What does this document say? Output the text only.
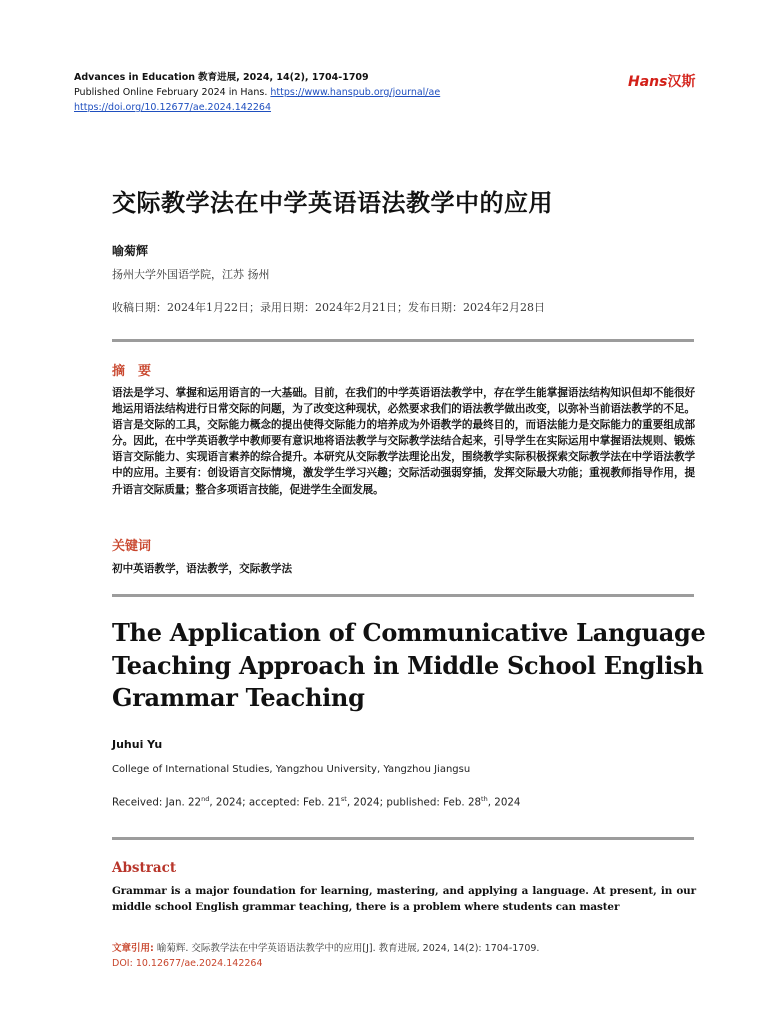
Advances in Education 教育进展, 2024, 14(2), 1704-1709
Published Online February 2024 in Hans. https://www.hanspub.org/journal/ae
https://doi.org/10.12677/ae.2024.142264
Hans汉斯
交际教学法在中学英语语法教学中的应用
喻菊辉
扬州大学外国语学院，江苏 扬州
收稿日期：2024年1月22日；录用日期：2024年2月21日；发布日期：2024年2月28日
摘　要
语法是学习、掌握和运用语言的一大基础。目前，在我们的中学英语语法教学中，存在学生能掌握语法结构知识但却不能很好地运用语法结构进行日常交际的问题，为了改变这种现状，必然要求我们的语法教学做出改变，以弥补当前语法教学的不足。语言是交际的工具，交际能力概念的提出使得交际能力的培养成为外语教学的最终目的，而语法能力是交际能力的重要组成部分。因此，在中学英语教学中教师要有意识地将语法教学与交际教学法结合起来，引导学生在实际运用中掌握语法规则、锻炼语言交际能力、实现语言素养的综合提升。本研究从交际教学法理论出发，围绕教学实际积极探索交际教学法在中学语法教学中的应用。主要有：创设语言交际情境，激发学生学习兴趣；交际活动强弱穿插，发挥交际最大功能；重视教师指导作用，提升语言交际质量；整合多项语言技能，促进学生全面发展。
关键词
初中英语教学，语法教学，交际教学法
The Application of Communicative Language Teaching Approach in Middle School English Grammar Teaching
Juhui Yu
College of International Studies, Yangzhou University, Yangzhou Jiangsu
Received: Jan. 22nd, 2024; accepted: Feb. 21st, 2024; published: Feb. 28th, 2024
Abstract
Grammar is a major foundation for learning, mastering, and applying a language. At present, in our middle school English grammar teaching, there is a problem where students can master
文章引用: 喻菊辉. 交际教学法在中学英语语法教学中的应用[J]. 教育进展, 2024, 14(2): 1704-1709.
DOI: 10.12677/ae.2024.142264
